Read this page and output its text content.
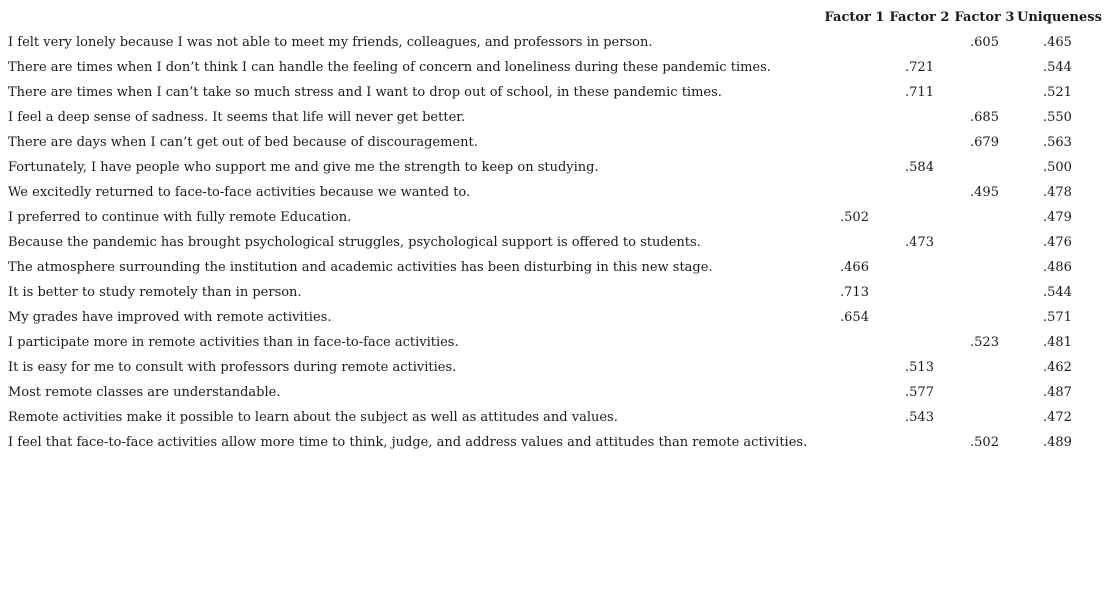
	Factor 1	Factor 2	Factor 3	Uniqueness
I felt very lonely because I was not able to meet my friends, colleagues, and professors in person.			.605	.465
There are times when I don’t think I can handle the feeling of concern and loneliness during these pandemic times.		.721		.544
There are times when I can’t take so much stress and I want to drop out of school, in these pandemic times.		.711		.521
I feel a deep sense of sadness. It seems that life will never get better.			.685	.550
There are days when I can’t get out of bed because of discouragement.			.679	.563
Fortunately, I have people who support me and give me the strength to keep on studying.		.584		.500
We excitedly returned to face-to-face activities because we wanted to.			.495	.478
I preferred to continue with fully remote Education.	.502			.479
Because the pandemic has brought psychological struggles, psychological support is offered to students.		.473		.476
The atmosphere surrounding the institution and academic activities has been disturbing in this new stage.	.466			.486
It is better to study remotely than in person.	.713			.544
My grades have improved with remote activities.	.654			.571
I participate more in remote activities than in face-to-face activities.			.523	.481
It is easy for me to consult with professors during remote activities.		.513		.462
Most remote classes are understandable.		.577		.487
Remote activities make it possible to learn about the subject as well as attitudes and values.		.543		.472
I feel that face-to-face activities allow more time to think, judge, and address values and attitudes than remote activities.			.502	.489
